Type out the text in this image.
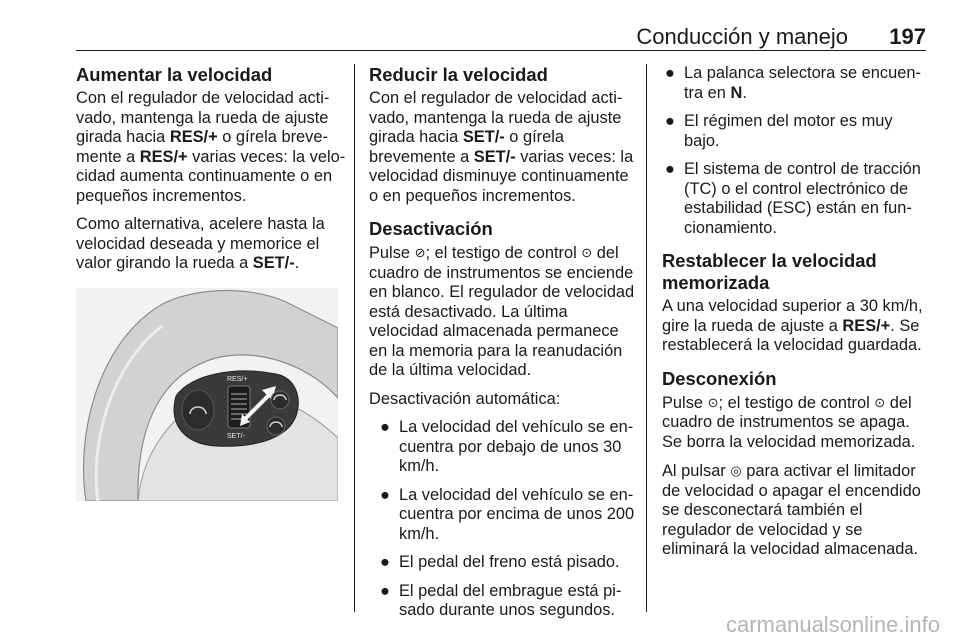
Conducción y manejo 197
Aumentar la velocidad

Con el regulador de velocidad activado, mantenga la rueda de ajuste girada hacia RES/+ o gírela brevemente a RES/+ varias veces: la velocidad aumenta continuamente o en pequeños incrementos.

Como alternativa, acelere hasta la velocidad deseada y memorice el valor girando la rueda a SET/-.

RES/+
SET/-
Reducir la velocidad

Con el regulador de velocidad activado, mantenga la rueda de ajuste girada hacia SET/- o gírela brevemente a SET/- varias veces: la velocidad disminuye continuamente o en pequeños incrementos.

Desactivación

Pulse ⊘; el testigo de control ⊙ del cuadro de instrumentos se enciende en blanco. El regulador de velocidad está desactivado. La última velocidad almacenada permanece en la memoria para la reanudación de la última velocidad.

Desactivación automática:

● La velocidad del vehículo se encuentra por debajo de unos 30 km/h.
● La velocidad del vehículo se encuentra por encima de unos 200 km/h.
● El pedal del freno está pisado.
● El pedal del embrague está pisado durante unos segundos.
● La palanca selectora se encuentra en N.
● El régimen del motor es muy bajo.
● El sistema de control de tracción (TC) o el control electrónico de estabilidad (ESC) están en funcionamiento.
Restablecer la velocidad memorizada

A una velocidad superior a 30 km/h, gire la rueda de ajuste a RES/+. Se restablecerá la velocidad guardada.

Desconexión

Pulse ⊙; el testigo de control ⊙ del cuadro de instrumentos se apaga. Se borra la velocidad memorizada.

Al pulsar ◎ para activar el limitador de velocidad o apagar el encendido se desconectará también el regulador de velocidad y se eliminará la velocidad almacenada.

carmanualsonline.info
